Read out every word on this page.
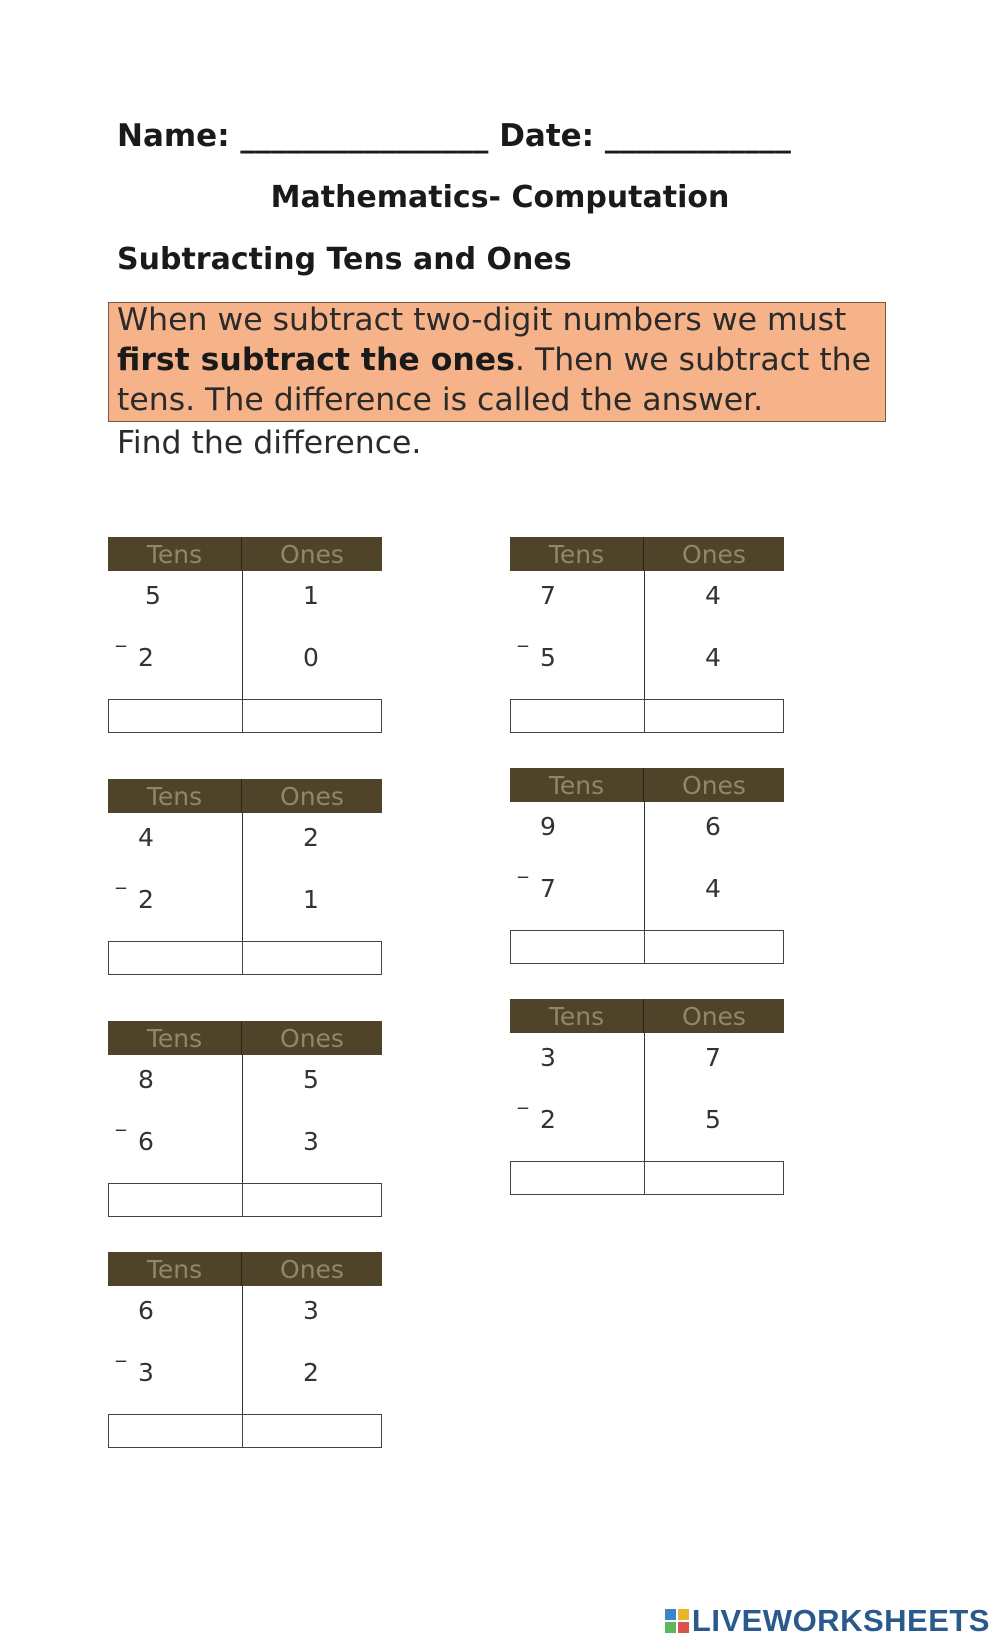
Name: ________________ Date: ____________
Mathematics- Computation
Subtracting Tens and Ones
When we subtract two-digit numbers we must first subtract the ones. Then we subtract the tens. The difference is called the answer.
Find the difference.
Tens	Ones
5	1
_
2	0
Tens	Ones
7	4
_
5	4
Tens	Ones
4	2
_
2	1
Tens	Ones
9	6
_
7	4
Tens	Ones
8	5
_
6	3
Tens	Ones
3	7
_
2	5
Tens	Ones
6	3
_
3	2
LIVEWORKSHEETS
